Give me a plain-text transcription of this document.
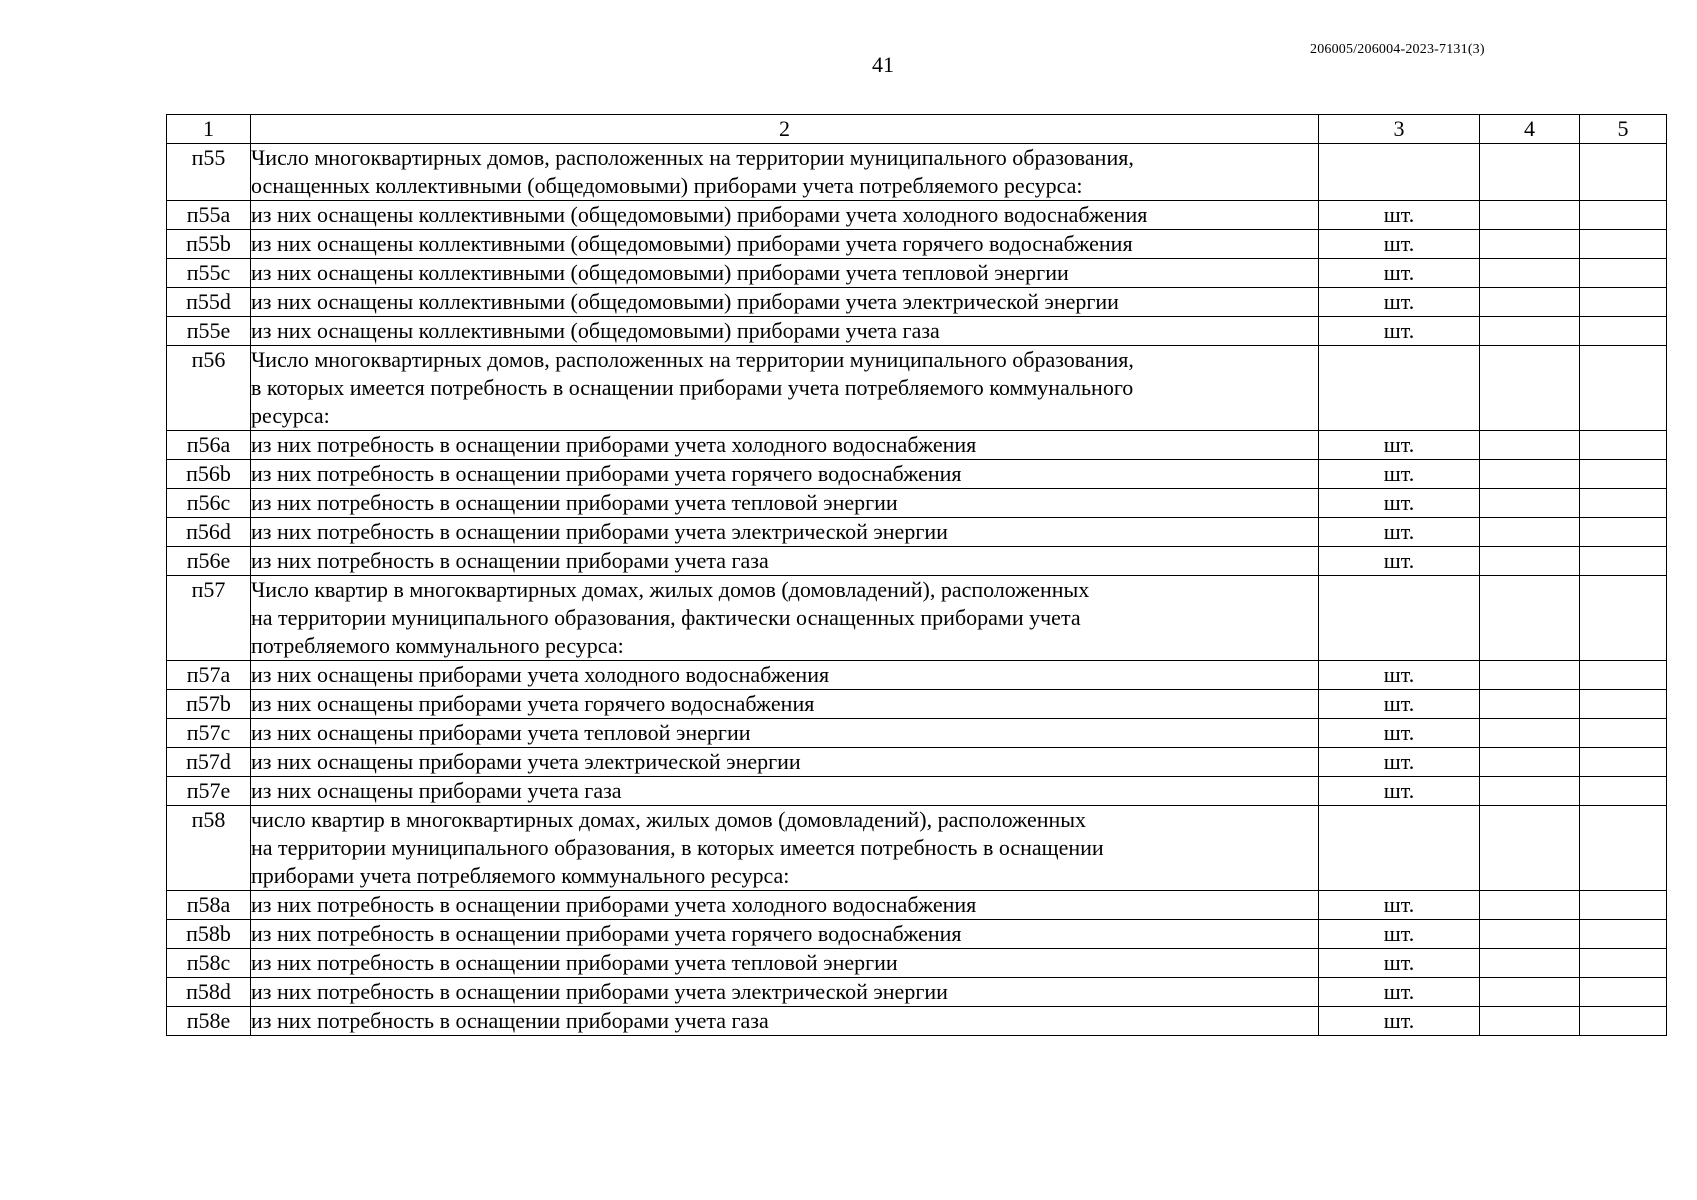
41
206005/206004-2023-7131(3)
1	2	3	4	5
п55	Число многоквартирных домов, расположенных на территории муниципального образования,
оснащенных коллективными (общедомовыми) приборами учета потребляемого ресурса:			

п55a	из них оснащены коллективными (общедомовыми) приборами учета холодного водоснабжения	шт.		
п55b	из них оснащены коллективными (общедомовыми) приборами учета горячего водоснабжения	шт.		
п55c	из них оснащены коллективными (общедомовыми) приборами учета тепловой энергии	шт.		
п55d	из них оснащены коллективными (общедомовыми) приборами учета электрической энергии	шт.		
п55e	из них оснащены коллективными (общедомовыми) приборами учета газа	шт.		
п56	Число многоквартирных домов, расположенных на территории муниципального образования,
в которых имеется потребность в оснащении приборами учета потребляемого коммунального
ресурса:			

п56a	из них потребность в оснащении приборами учета холодного водоснабжения	шт.		
п56b	из них потребность в оснащении приборами учета горячего водоснабжения	шт.		
п56c	из них потребность в оснащении приборами учета тепловой энергии	шт.		
п56d	из них потребность в оснащении приборами учета электрической энергии	шт.		
п56e	из них потребность в оснащении приборами учета газа	шт.		
п57	Число квартир в многоквартирных домах, жилых домов (домовладений), расположенных
на территории муниципального образования, фактически оснащенных приборами учета
потребляемого коммунального ресурса:			

п57a	из них оснащены приборами учета холодного водоснабжения	шт.		
п57b	из них оснащены приборами учета горячего водоснабжения	шт.		
п57c	из них оснащены приборами учета тепловой энергии	шт.		
п57d	из них оснащены приборами учета электрической энергии	шт.		
п57e	из них оснащены приборами учета газа	шт.		
п58	число квартир в многоквартирных домах, жилых домов (домовладений), расположенных
на территории муниципального образования, в которых имеется потребность в оснащении
приборами учета потребляемого коммунального ресурса:			

п58a	из них потребность в оснащении приборами учета холодного водоснабжения	шт.		
п58b	из них потребность в оснащении приборами учета горячего водоснабжения	шт.		
п58c	из них потребность в оснащении приборами учета тепловой энергии	шт.		
п58d	из них потребность в оснащении приборами учета электрической энергии	шт.		
п58e	из них потребность в оснащении приборами учета газа	шт.		
